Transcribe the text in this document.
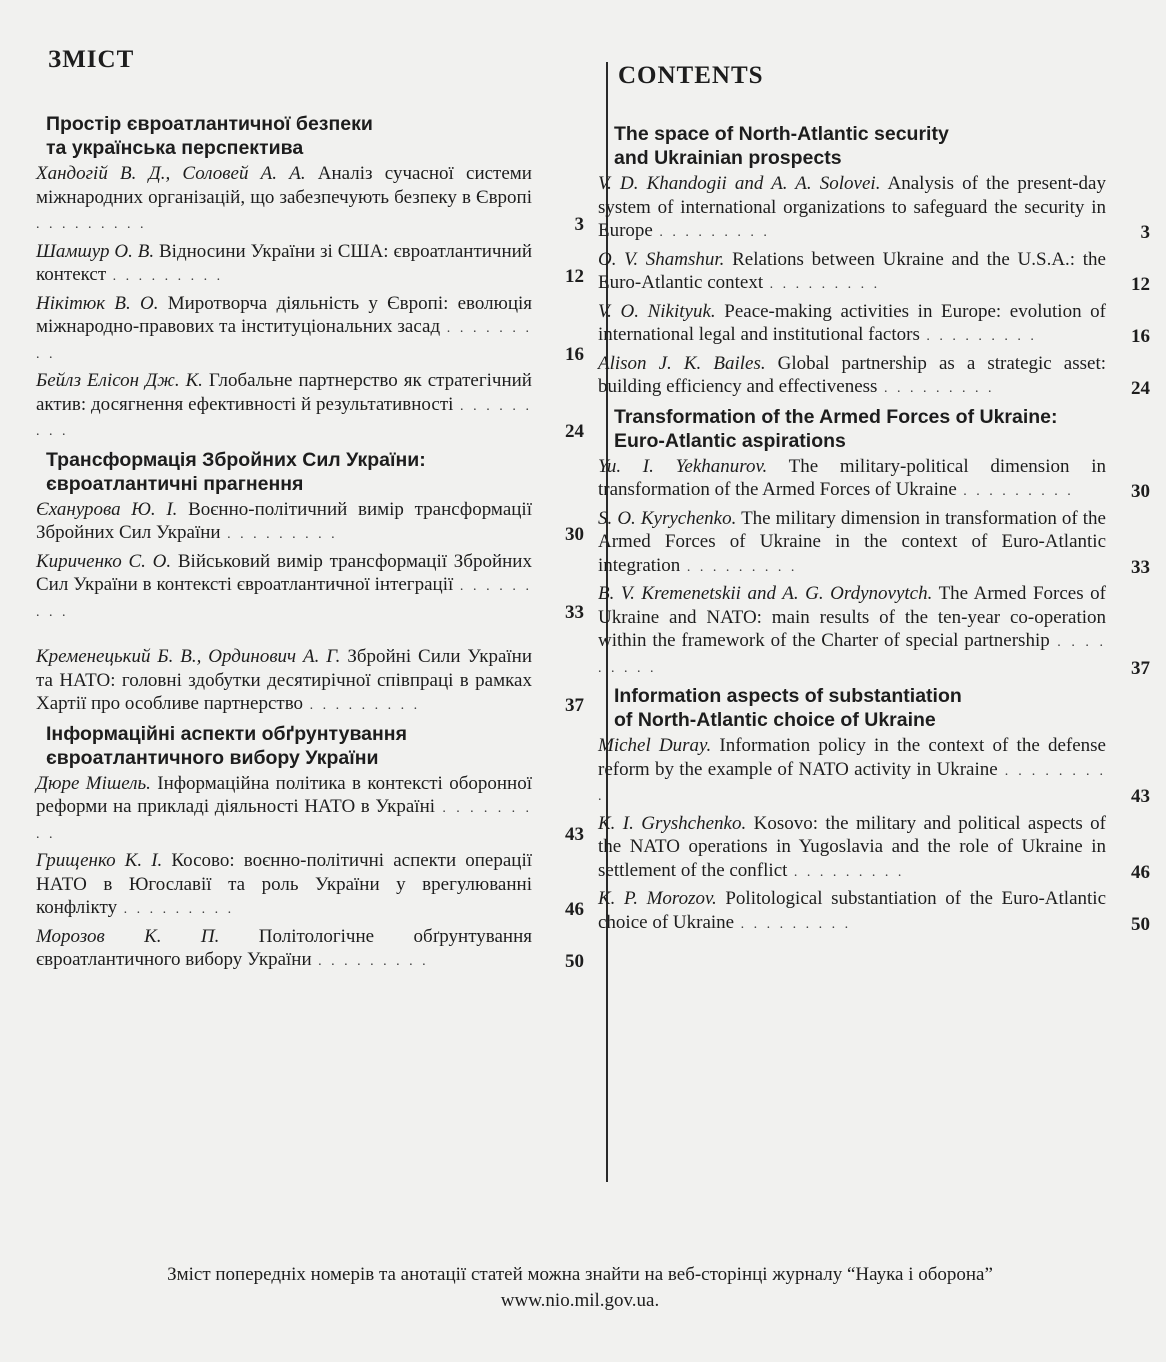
ЗМІСТ
Простір євроатлантичної безпеки
та українська перспектива
Хандогій В. Д., Соловей А. А. Аналіз сучасної системи міжнародних організацій, що забезпечують безпеку в Європі . . . . . . . . .	3
Шамшур О. В. Відносини України зі США: євроатлантичний контекст . . . . . . . . .	12
Нікітюк В. О. Миротворча діяльність у Європі: еволюція міжнародно-правових та інституціональних засад . . . . . . . . .	16
Бейлз Елісон Дж. К. Глобальне партнерство як стратегічний актив: досягнення ефективності й результативності . . . . . . . . .	24
Трансформація Збройних Сил України:
євроатлантичні прагнення
Єханурова Ю. І. Воєнно-політичний вимір трансформації Збройних Сил України . . . . . . . . .	30
Кириченко С. О. Військовий вимір трансформації Збройних Сил України в контексті євроатлантичної інтеграції . . . . . . . . .	33
Кременецький Б. В., Ординович А. Г. Збройні Сили України та НАТО: головні здобутки десятирічної співпраці в рамках Хартії про особливе партнерство . . . . . . . . .	37
Інформаційні аспекти обґрунтування
євроатлантичного вибору України
Дюре Мішель. Інформаційна політика в контексті оборонної реформи на прикладі діяльності НАТО в Україні . . . . . . . . .	43
Грищенко К. І. Косово: воєнно-політичні аспекти операції НАТО в Югославії та роль України у врегулюванні конфлікту . . . . . . . . .	46
Морозов К. П. Політологічне обґрунтування євроатлантичного вибору України . . . . . . . . .	50
CONTENTS
The space of North-Atlantic security
and Ukrainian prospects
V. D. Khandogii and A. A. Solovei. Analysis of the present-day system of international organizations to safeguard the security in Europe . . . . . . . . .	3
O. V. Shamshur. Relations between Ukraine and the U.S.A.: the Euro-Atlantic context . . . . . . . . .	12
V. O. Nikityuk. Peace-making activities in Europe: evolution of international legal and institutional factors . . . . . . . . .	16
Alison J. K. Bailes. Global partnership as a strategic asset: building efficiency and effectiveness . . . . . . . . .	24
Transformation of the Armed Forces of Ukraine:
Euro-Atlantic aspirations
Yu. I. Yekhanurov. The military-political dimension in transformation of the Armed Forces of Ukraine . . . . . . . . .	30
S. O. Kyrychenko. The military dimension in transformation of the Armed Forces of Ukraine in the context of Euro-Atlantic integration . . . . . . . . .	33
B. V. Kremenetskii and A. G. Ordynovytch. The Armed Forces of Ukraine and NATO: main results of the ten-year co-operation within the framework of the Charter of special partnership . . . . . . . . .	37
Information aspects of substantiation
of North-Atlantic choice of Ukraine
Michel Duray. Information policy in the context of the defense reform by the example of NATO activity in Ukraine . . . . . . . . .	43
K. I. Gryshchenko. Kosovo: the military and political aspects of the NATO operations in Yugoslavia and the role of Ukraine in settlement of the conflict . . . . . . . . .	46
K. P. Morozov. Politological substantiation of the Euro-Atlantic choice of Ukraine . . . . . . . . .	50
Зміст попередніх номерів та анотації статей можна знайти на веб-сторінці журналу “Наука і оборона”
www.nio.mil.gov.ua.
